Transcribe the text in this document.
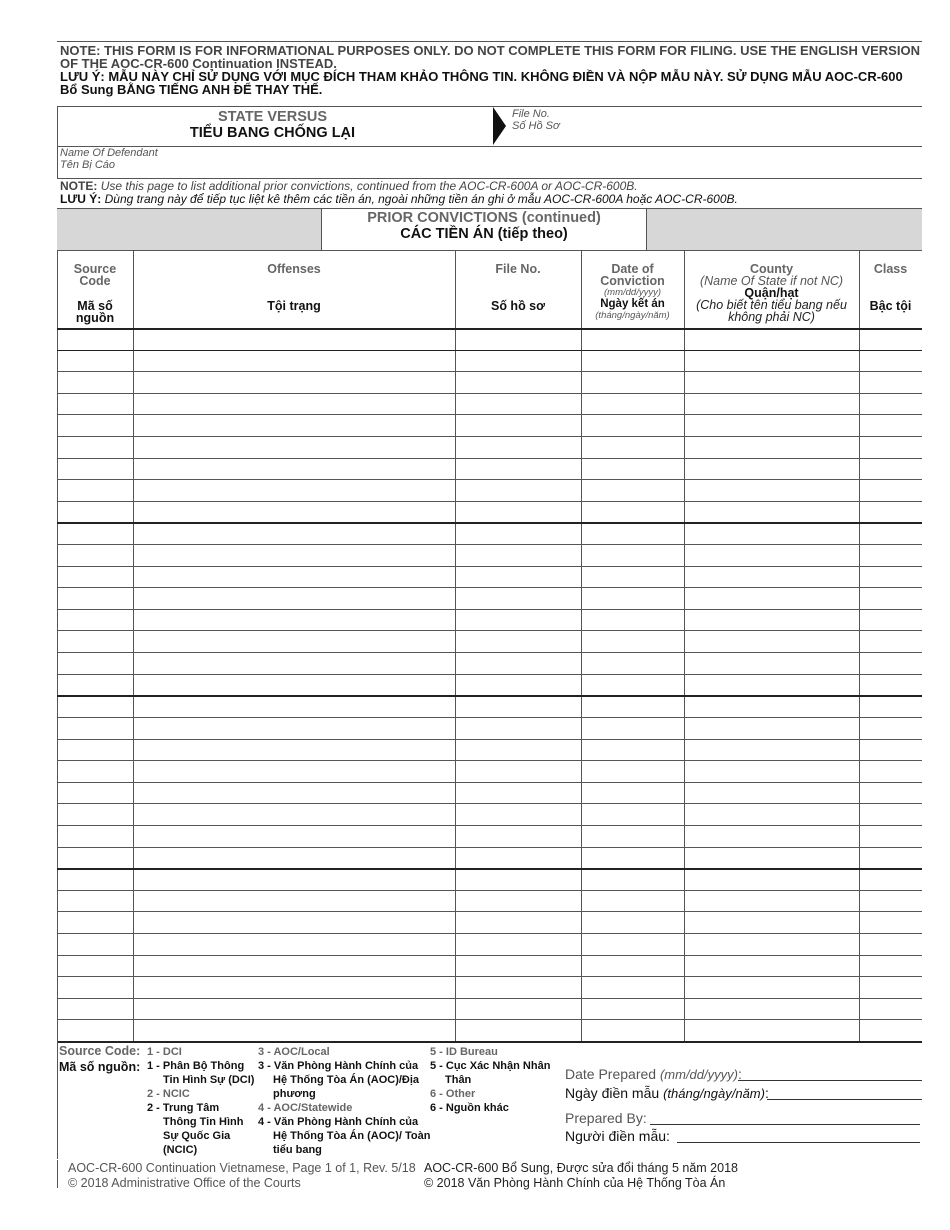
NOTE: THIS FORM IS FOR INFORMATIONAL PURPOSES ONLY. DO NOT COMPLETE THIS FORM FOR FILING. USE THE ENGLISH VERSION OF THE AOC-CR-600 Continuation INSTEAD.
LƯU Ý: MẪU NÀY CHỈ SỬ DỤNG VỚI MỤC ĐÍCH THAM KHẢO THÔNG TIN. KHÔNG ĐIỀN VÀ NỘP MẪU NÀY. SỬ DỤNG MẪU AOC-CR-600 Bổ Sung BẰNG TIẾNG ANH ĐỂ THAY THẾ.
STATE VERSUS
TIỂU BANG CHỐNG LẠI
File No.
Số Hồ Sơ
Name Of Defendant
Tên Bị Cáo
NOTE: Use this page to list additional prior convictions, continued from the AOC-CR-600A or AOC-CR-600B.
LƯU Ý: Dùng trang này để tiếp tục liệt kê thêm các tiền án, ngoài những tiền án ghi ở mẫu AOC-CR-600A hoặc AOC-CR-600B.
PRIOR CONVICTIONS (continued)
CÁC TIỀN ÁN (tiếp theo)
Source Code
Mã số nguồn
Offenses
Tội trạng
File No.
Số hồ sơ
Date of Conviction
(mm/dd/yyyy)
Ngày kết án
(tháng/ngày/năm)
County
(Name Of State if not NC)
Quận/hạt
(Cho biết tên tiểu bang nếu không phải NC)
Class
Bậc tội
Source Code:
Mã số nguồn:
1 - DCI
1 - Phân Bộ Thông Tin Hình Sự (DCI)
2 - NCIC
2 - Trung Tâm Thông Tin Hình Sự Quốc Gia (NCIC)
3 - AOC/Local
3 - Văn Phòng Hành Chính của Hệ Thống Tòa Án (AOC)/Địa phương
4 - AOC/Statewide
4 - Văn Phòng Hành Chính của Hệ Thống Tòa Án (AOC)/ Toàn tiểu bang
5 - ID Bureau
5 - Cục Xác Nhận Nhân Thân
6 - Other
6 - Nguồn khác
Date Prepared (mm/dd/yyyy):
Ngày điền mẫu (tháng/ngày/năm):
Prepared By:
Người điền mẫu:
AOC-CR-600 Continuation Vietnamese, Page 1 of 1, Rev. 5/18
© 2018 Administrative Office of the Courts
AOC-CR-600 Bổ Sung, Được sửa đổi tháng 5 năm 2018
© 2018 Văn Phòng Hành Chính của Hệ Thống Tòa Án
